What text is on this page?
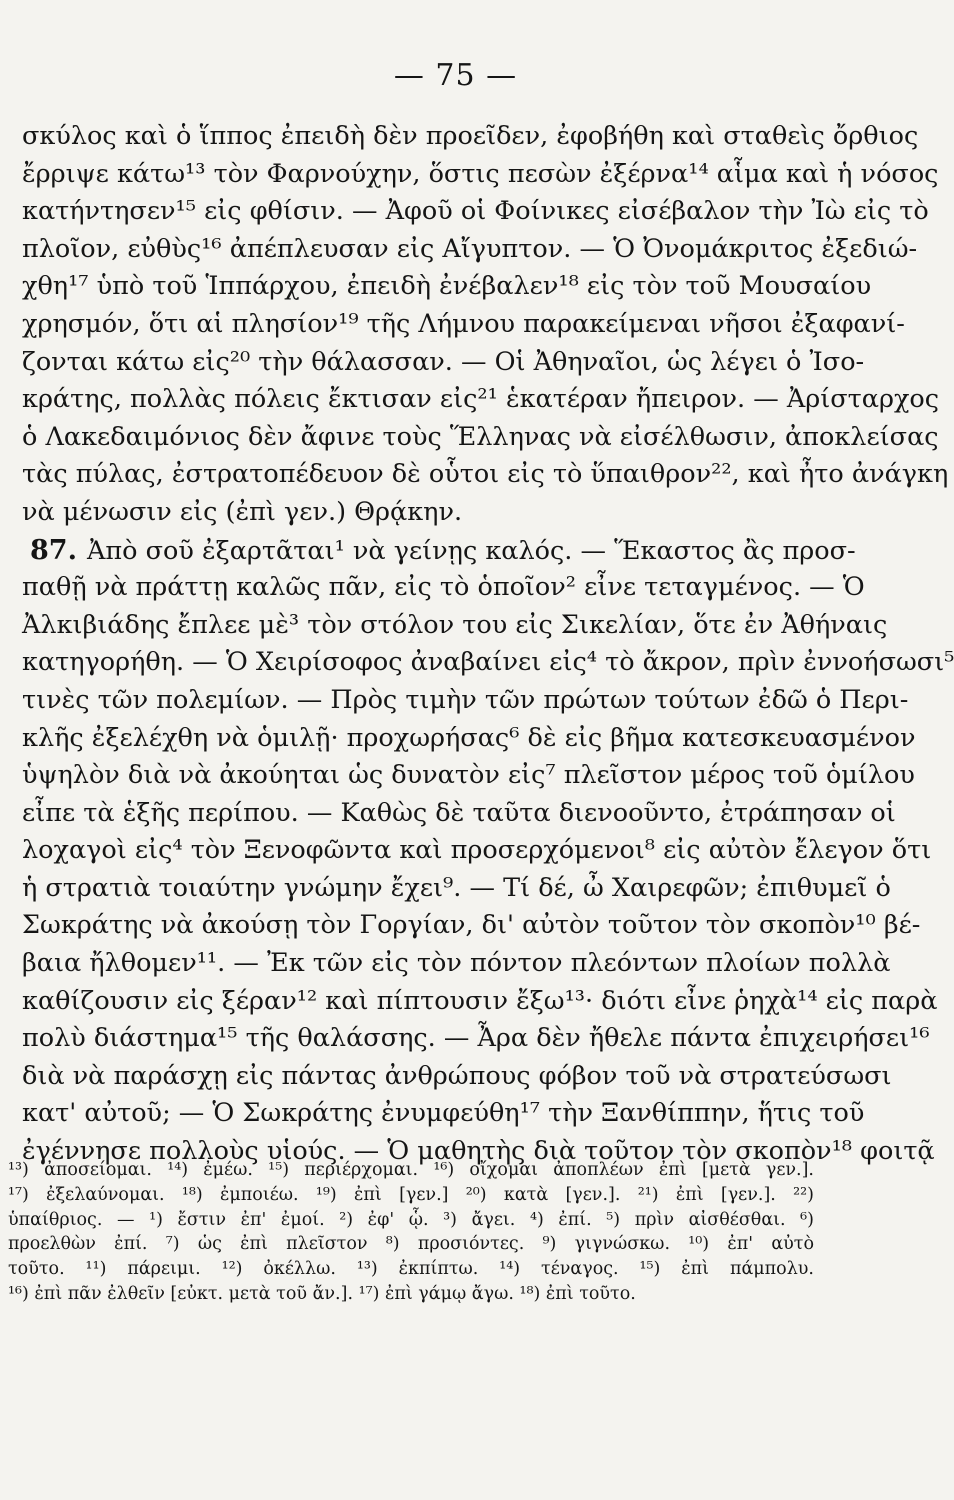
— 75 —
σκύλος καὶ ὁ ἵππος ἐπειδὴ δὲν προεῖδεν, ἐφοβήθη καὶ σταθεὶς ὄρθιος
ἔρριψε κάτω¹³ τὸν Φαρνούχην, ὅστις πεσὼν ἐξέρνα¹⁴ αἷμα καὶ ἡ νόσος
κατήντησεν¹⁵ εἰς φθίσιν. — Ἀφοῦ οἱ Φοίνικες εἰσέβαλον τὴν Ἰὼ εἰς τὸ
πλοῖον, εὐθὺς¹⁶ ἀπέπλευσαν εἰς Αἴγυπτον. — Ὁ Ὀνομάκριτος ἐξεδιώ-
χθη¹⁷ ὑπὸ τοῦ Ἱππάρχου, ἐπειδὴ ἐνέβαλεν¹⁸ εἰς τὸν τοῦ Μουσαίου
χρησμόν, ὅτι αἱ πλησίον¹⁹ τῆς Λήμνου παρακείμεναι νῆσοι ἐξαφανί-
ζονται κάτω εἰς²⁰ τὴν θάλασσαν. — Οἱ Ἀθηναῖοι, ὡς λέγει ὁ Ἰσο-
κράτης, πολλὰς πόλεις ἔκτισαν εἰς²¹ ἑκατέραν ἤπειρον. — Ἀρίσταρχος
ὁ Λακεδαιμόνιος δὲν ἄφινε τοὺς Ἕλληνας νὰ εἰσέλθωσιν, ἀποκλείσας
τὰς πύλας, ἐστρατοπέδευον δὲ οὗτοι εἰς τὸ ὕπαιθρον²², καὶ ἦτο ἀνάγκη
νὰ μένωσιν εἰς (ἐπὶ γεν.) Θρᾴκην.
87. Ἀπὸ σοῦ ἐξαρτᾶται¹ νὰ γείνῃς καλός. — Ἕκαστος ἂς προσ-
παθῇ νὰ πράττῃ καλῶς πᾶν, εἰς τὸ ὁποῖον² εἶνε τεταγμένος. — Ὁ
Ἀλκιβιάδης ἔπλεε μὲ³ τὸν στόλον του εἰς Σικελίαν, ὅτε ἐν Ἀθήναις
κατηγορήθη. — Ὁ Χειρίσοφος ἀναβαίνει εἰς⁴ τὸ ἄκρον, πρὶν ἐννοήσωσι⁵
τινὲς τῶν πολεμίων. — Πρὸς τιμὴν τῶν πρώτων τούτων ἐδῶ ὁ Περι-
κλῆς ἐξελέχθη νὰ ὁμιλῇ· προχωρήσας⁶ δὲ εἰς βῆμα κατεσκευασμένον
ὑψηλὸν διὰ νὰ ἀκούηται ὡς δυνατὸν εἰς⁷ πλεῖστον μέρος τοῦ ὁμίλου
εἶπε τὰ ἑξῆς περίπου. — Καθὼς δὲ ταῦτα διενοοῦντο, ἐτράπησαν οἱ
λοχαγοὶ εἰς⁴ τὸν Ξενοφῶντα καὶ προσερχόμενοι⁸ εἰς αὐτὸν ἔλεγον ὅτι
ἡ στρατιὰ τοιαύτην γνώμην ἔχει⁹. — Τί δέ, ὦ Χαιρεφῶν; ἐπιθυμεῖ ὁ
Σωκράτης νὰ ἀκούσῃ τὸν Γοργίαν, δι' αὐτὸν τοῦτον τὸν σκοπὸν¹⁰ βέ-
βαια ἤλθομεν¹¹. — Ἐκ τῶν εἰς τὸν πόντον πλεόντων πλοίων πολλὰ
καθίζουσιν εἰς ξέραν¹² καὶ πίπτουσιν ἔξω¹³· διότι εἶνε ῥηχὰ¹⁴ εἰς παρὰ
πολὺ διάστημα¹⁵ τῆς θαλάσσης. — Ἆρα δὲν ἤθελε πάντα ἐπιχειρήσει¹⁶
διὰ νὰ παράσχῃ εἰς πάντας ἀνθρώπους φόβον τοῦ νὰ στρατεύσωσι
κατ' αὐτοῦ; — Ὁ Σωκράτης ἐνυμφεύθη¹⁷ τὴν Ξανθίππην, ἥτις τοῦ
ἐγέννησε πολλοὺς υἱούς. — Ὁ μαθητὴς διὰ τοῦτον τὸν σκοπὸν¹⁸ φοιτᾷ
¹³) ἀποσείομαι. ¹⁴) ἐμέω. ¹⁵) περιέρχομαι. ¹⁶) οἴχομαι ἀποπλέων ἐπὶ [μετὰ γεν.].
¹⁷) ἐξελαύνομαι. ¹⁸) ἐμποιέω. ¹⁹) ἐπὶ [γεν.] ²⁰) κατὰ [γεν.]. ²¹) ἐπὶ [γεν.]. ²²)
ὑπαίθριος. — ¹) ἔστιν ἐπ' ἐμοί. ²) ἐφ' ᾧ. ³) ἄγει. ⁴) ἐπί. ⁵) πρὶν αἰσθέσθαι. ⁶)
προελθὼν ἐπί. ⁷) ὡς ἐπὶ πλεῖστον ⁸) προσιόντες. ⁹) γιγνώσκω. ¹⁰) ἐπ' αὐτὸ
τοῦτο. ¹¹) πάρειμι. ¹²) ὀκέλλω. ¹³) ἐκπίπτω. ¹⁴) τέναγος. ¹⁵) ἐπὶ πάμπολυ.
¹⁶) ἐπὶ πᾶν ἐλθεῖν [εὐκτ. μετὰ τοῦ ἄν.]. ¹⁷) ἐπὶ γάμῳ ἄγω. ¹⁸) ἐπὶ τοῦτο.
